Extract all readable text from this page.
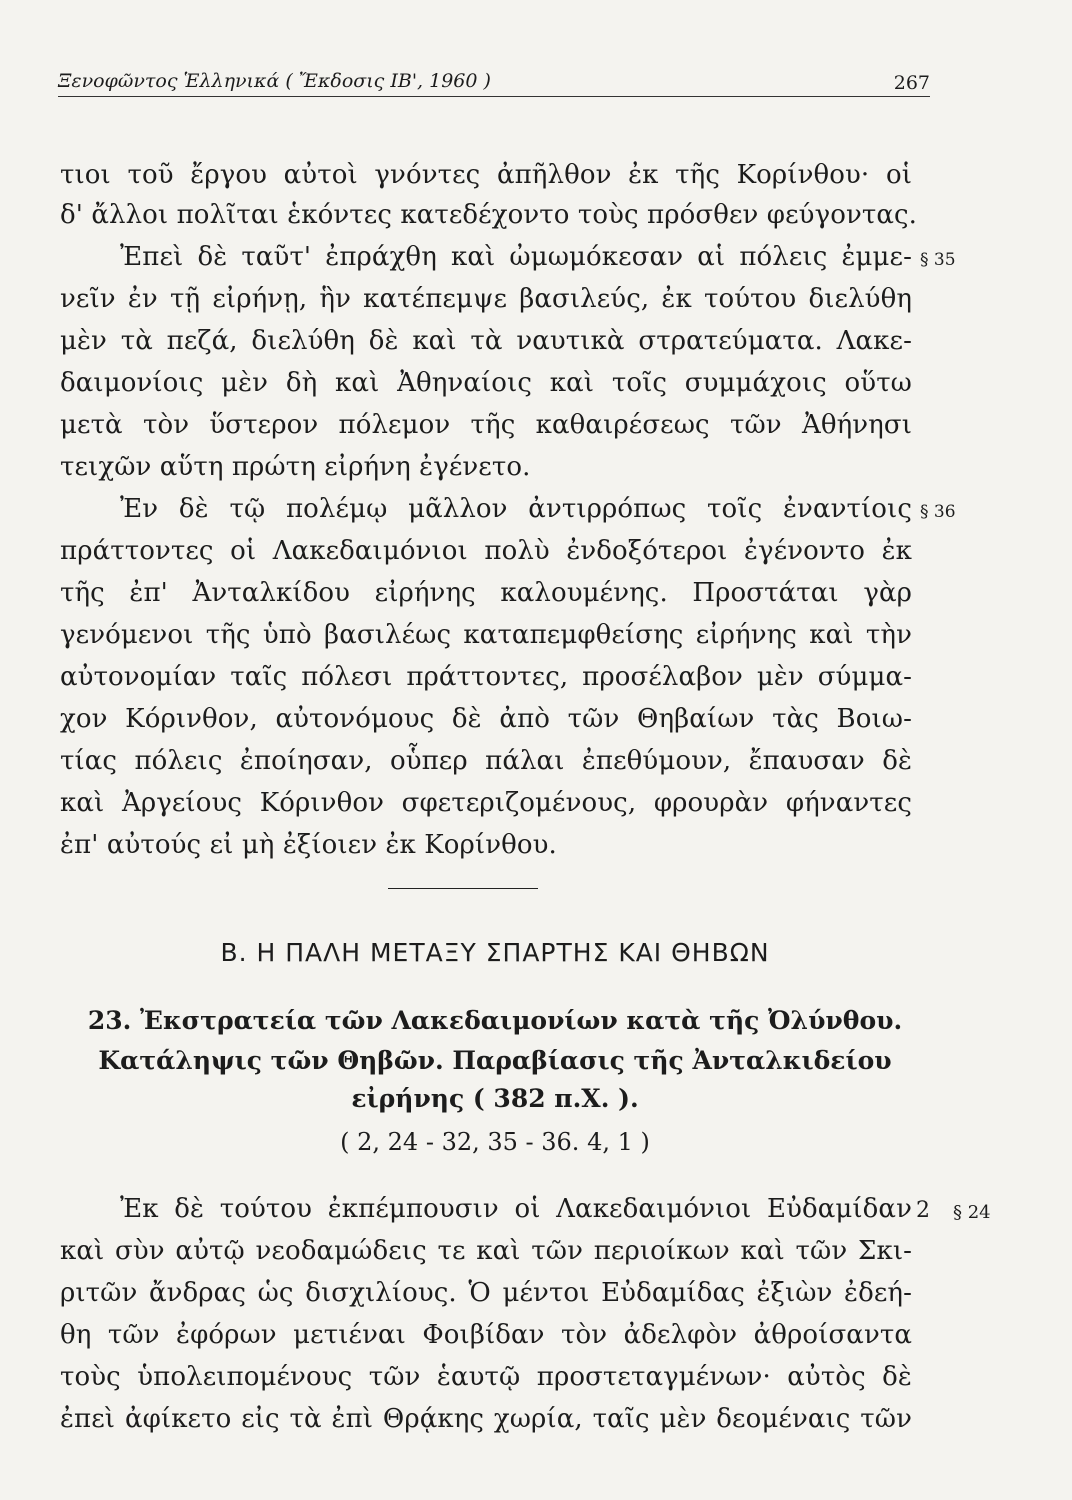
Ξενοφῶντος Ἑλληνικά ( Ἔκδοσις ΙΒ', 1960 )	267
τιοι τοῦ ἔργου αὐτοὶ γνόντες ἀπῆλθον ἐκ τῆς Κορίνθου· οἱ
δ' ἄλλοι πολῖται ἑκόντες κατεδέχοντο τοὺς πρόσθεν φεύγοντας.
Ἐπεὶ δὲ ταῦτ' ἐπράχθη καὶ ὠμωμόκεσαν αἱ πόλεις ἐμμε- § 35
νεῖν ἐν τῇ εἰρήνῃ, ἣν κατέπεμψε βασιλεύς, ἐκ τούτου διελύθη
μὲν τὰ πεζά, διελύθη δὲ καὶ τὰ ναυτικὰ στρατεύματα. Λακε-
δαιμονίοις μὲν δὴ καὶ Ἀθηναίοις καὶ τοῖς συμμάχοις οὕτω
μετὰ τὸν ὕστερον πόλεμον τῆς καθαιρέσεως τῶν Ἀθήνησι
τειχῶν αὕτη πρώτη εἰρήνη ἐγένετο.
Ἐν δὲ τῷ πολέμῳ μᾶλλον ἀντιρρόπως τοῖς ἐναντίοις § 36
πράττοντες οἱ Λακεδαιμόνιοι πολὺ ἐνδοξότεροι ἐγένοντο ἐκ
τῆς ἐπ' Ἀνταλκίδου εἰρήνης καλουμένης. Προστάται γὰρ
γενόμενοι τῆς ὑπὸ βασιλέως καταπεμφθείσης εἰρήνης καὶ τὴν
αὐτονομίαν ταῖς πόλεσι πράττοντες, προσέλαβον μὲν σύμμα-
χον Κόρινθον, αὐτονόμους δὲ ἀπὸ τῶν Θηβαίων τὰς Βοιω-
τίας πόλεις ἐποίησαν, οὗπερ πάλαι ἐπεθύμουν, ἔπαυσαν δὲ
καὶ Ἀργείους Κόρινθον σφετεριζομένους, φρουρὰν φήναντες
ἐπ' αὐτούς εἰ μὴ ἐξίοιεν ἐκ Κορίνθου.
Β. Η ΠΑΛΗ ΜΕΤΑΞΥ ΣΠΑΡΤΗΣ ΚΑΙ ΘΗΒΩΝ
23. Ἐκστρατεία τῶν Λακεδαιμονίων κατὰ τῆς Ὀλύνθου.
Κατάληψις τῶν Θηβῶν. Παραβίασις τῆς Ἀνταλκιδείου
εἰρήνης ( 382 π.Χ. ).
( 2, 24 - 32, 35 - 36. 4, 1 )
Ἐκ δὲ τούτου ἐκπέμπουσιν οἱ Λακεδαιμόνιοι Εὐδαμίδαν 2 § 24
καὶ σὺν αὐτῷ νεοδαμώδεις τε καὶ τῶν περιοίκων καὶ τῶν Σκι-
ριτῶν ἄνδρας ὡς δισχιλίους. Ὁ μέντοι Εὐδαμίδας ἐξιὼν ἐδεή-
θη τῶν ἐφόρων μετιέναι Φοιβίδαν τὸν ἀδελφὸν ἀθροίσαντα
τοὺς ὑπολειπομένους τῶν ἑαυτῷ προστεταγμένων· αὐτὸς δὲ
ἐπεὶ ἀφίκετο εἰς τὰ ἐπὶ Θρᾴκης χωρία, ταῖς μὲν δεομέναις τῶν
